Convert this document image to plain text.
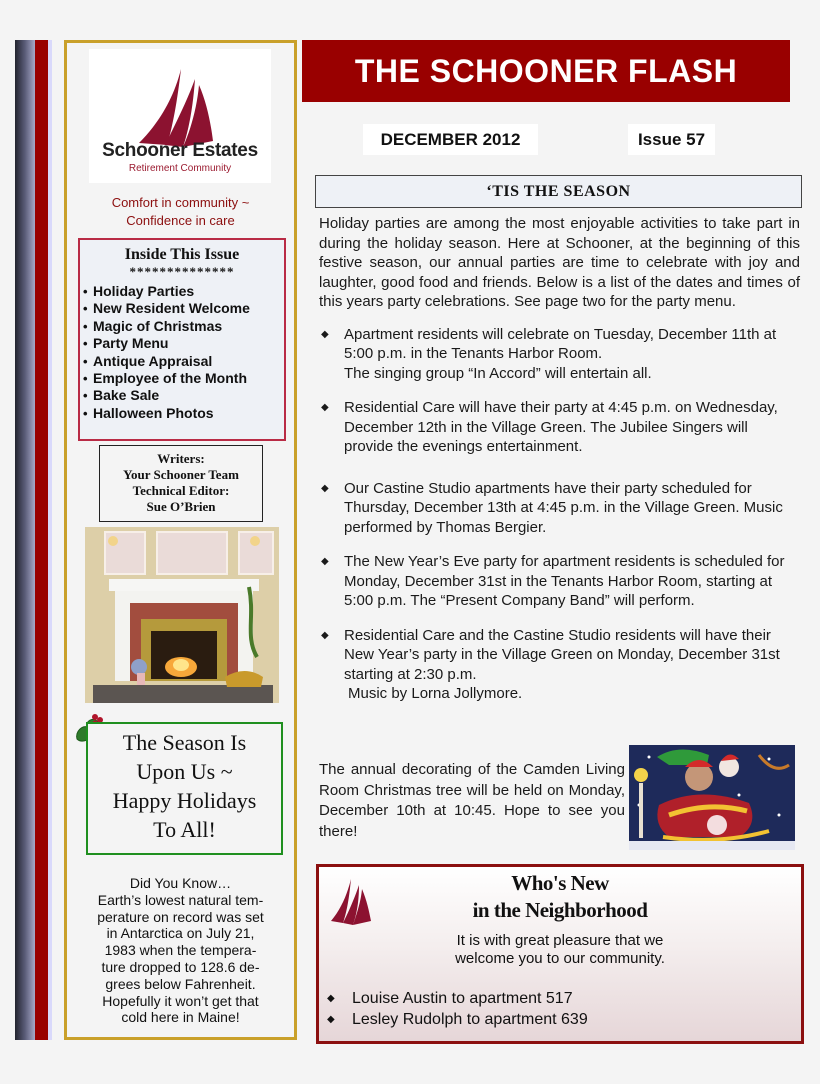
Schooner Estates
Retirement Community
Comfort in community ~
Confidence in care
Inside This Issue
**************
• Holiday Parties
• New Resident Welcome
• Magic of Christmas
• Party Menu
• Antique Appraisal
• Employee of the Month
• Bake Sale
• Halloween Photos
Writers:
Your Schooner Team
Technical Editor:
Sue O’Brien
The Season Is
Upon Us ~
Happy Holidays
To All!
Did You Know…
Earth’s lowest natural tem-
perature on record was set
in Antarctica on July 21,
1983 when the tempera-
ture dropped to 128.6 de-
grees below Fahrenheit.
Hopefully it won’t get that
cold here in Maine!
THE SCHOONER FLASH
DECEMBER 2012	Issue 57
‘TIS THE SEASON

Holiday parties are among the most enjoyable activities to take part in during the holiday season. Here at Schooner, at the beginning of this festive season, our annual parties are time to celebrate with joy and laughter, good food and friends. Below is a list of the dates and times of this years party celebrations. See page two for the party menu.

◆ Apartment residents will celebrate on Tuesday, December 11th at 5:00 p.m. in the Tenants Harbor Room.
The singing group “In Accord” will entertain all.
◆ Residential Care will have their party at 4:45 p.m. on Wednesday, December 12th in the Village Green. The Jubilee Singers will provide the evenings entertainment.
◆ Our Castine Studio apartments have their party scheduled for Thursday, December 13th at 4:45 p.m. in the Village Green. Music performed by Thomas Bergier.
◆ The New Year’s Eve party for apartment residents is scheduled for Monday, December 31st in the Tenants Harbor Room, starting at 5:00 p.m. The “Present Company Band” will perform.
◆ Residential Care and the Castine Studio residents will have their New Year’s party in the Village Green on Monday, December 31st starting at 2:30 p.m.
Music by Lorna Jollymore.

The annual decorating of the Camden Living Room Christmas tree will be held on Monday, December 10th at 10:45. Hope to see you there!

Who's New
in the Neighborhood
It is with great pleasure that we
welcome you to our community.
◆ Louise Austin to apartment 517
◆ Lesley Rudolph to apartment 639
